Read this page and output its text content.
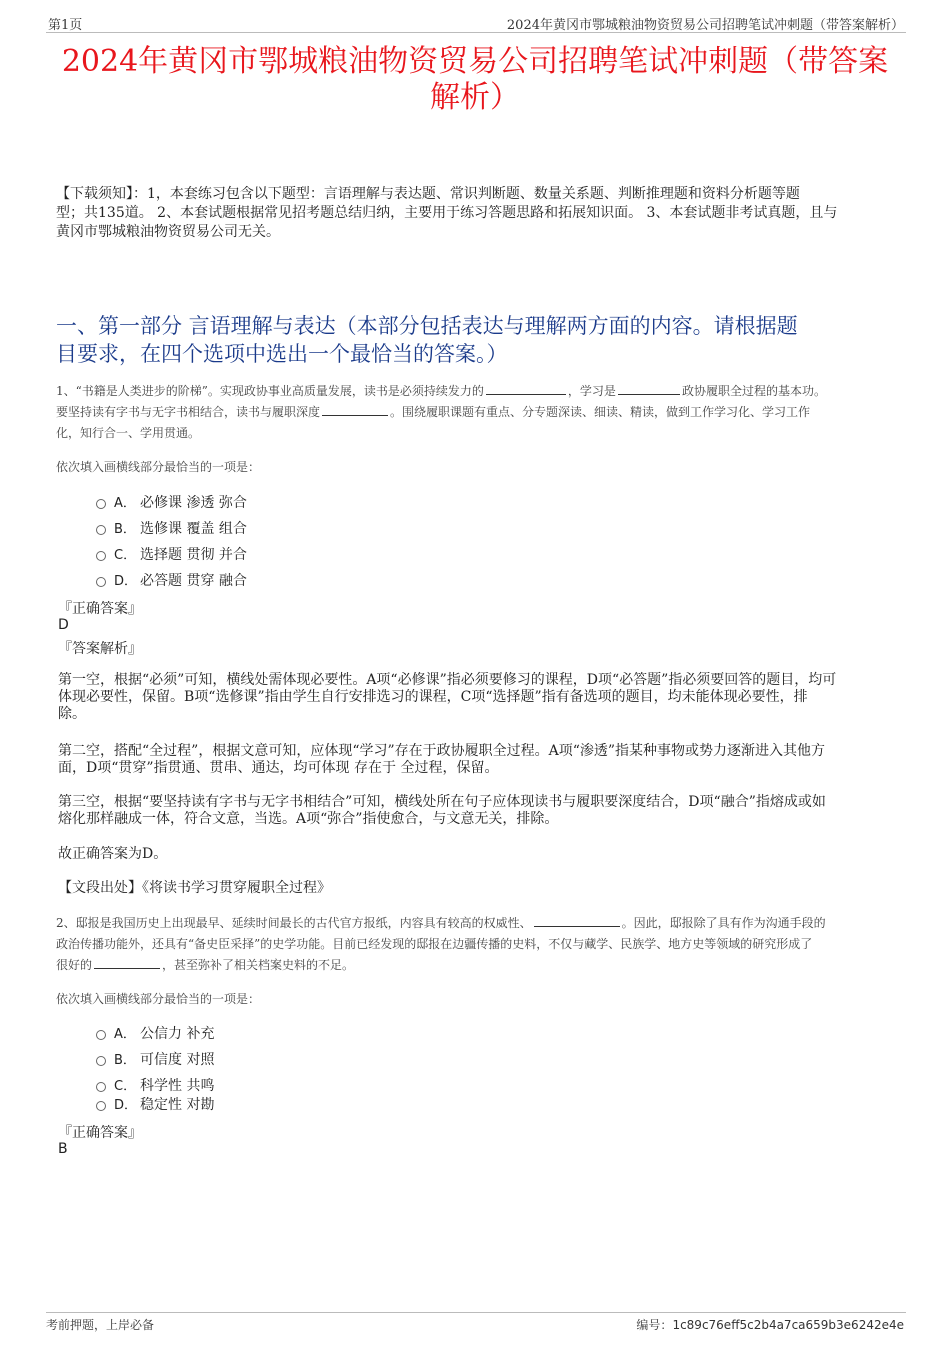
第1页	2024年黄冈市鄂城粮油物资贸易公司招聘笔试冲刺题（带答案解析）
2024年黄冈市鄂城粮油物资贸易公司招聘笔试冲刺题（带答案
解析）
【下载须知】：1，本套练习包含以下题型：言语理解与表达题、常识判断题、数量关系题、判断推理题和资料分析题等题
型；共135道。 2、本套试题根据常见招考题总结归纳，主要用于练习答题思路和拓展知识面。 3、本套试题非考试真题，且与
黄冈市鄂城粮油物资贸易公司无关。
一、第一部分 言语理解与表达（本部分包括表达与理解两方面的内容。请根据题
目要求，在四个选项中选出一个最恰当的答案。）
1、“书籍是人类进步的阶梯”。实现政协事业高质量发展，读书是必须持续发力的	，学习是	政协履职全过程的基本功。
要坚持读有字书与无字书相结合，读书与履职深度	。围绕履职课题有重点、分专题深读、细读、精读，做到工作学习化、学习工作
化，知行合一、学用贯通。
依次填入画横线部分最恰当的一项是：
A． 必修课 渗透 弥合
B． 选修课 覆盖 组合
C． 选择题 贯彻 并合
D． 必答题 贯穿 融合
『正确答案』
D
『答案解析』
第一空，根据“必须”可知，横线处需体现必要性。A项“必修课”指必须要修习的课程，D项“必答题”指必须要回答的题目，均可
体现必要性，保留。B项“选修课”指由学生自行安排选习的课程，C项“选择题”指有备选项的题目，均未能体现必要性，排
除。
第二空，搭配“全过程”，根据文意可知，应体现“学习”存在于政协履职全过程。A项“渗透”指某种事物或势力逐渐进入其他方
面，D项“贯穿”指贯通、贯串、通达，均可体现 存在于 全过程，保留。
第三空，根据“要坚持读有字书与无字书相结合”可知，横线处所在句子应体现读书与履职要深度结合，D项“融合”指熔成或如
熔化那样融成一体，符合文意，当选。A项“弥合”指使愈合，与文意无关，排除。
故正确答案为D。
【文段出处】《将读书学习贯穿履职全过程》
2、邸报是我国历史上出现最早、延续时间最长的古代官方报纸，内容具有较高的权威性、	。因此，邸报除了具有作为沟通手段的
政治传播功能外，还具有“备史臣采择”的史学功能。目前已经发现的邸报在边疆传播的史料，不仅与藏学、民族学、地方史等领域的研究形成了
很好的	，甚至弥补了相关档案史料的不足。
依次填入画横线部分最恰当的一项是：
A． 公信力 补充
B． 可信度 对照
C． 科学性 共鸣
D． 稳定性 对勘
『正确答案』
B
考前押题，上岸必备	编号：1c89c76eff5c2b4a7ca659b3e6242e4e
